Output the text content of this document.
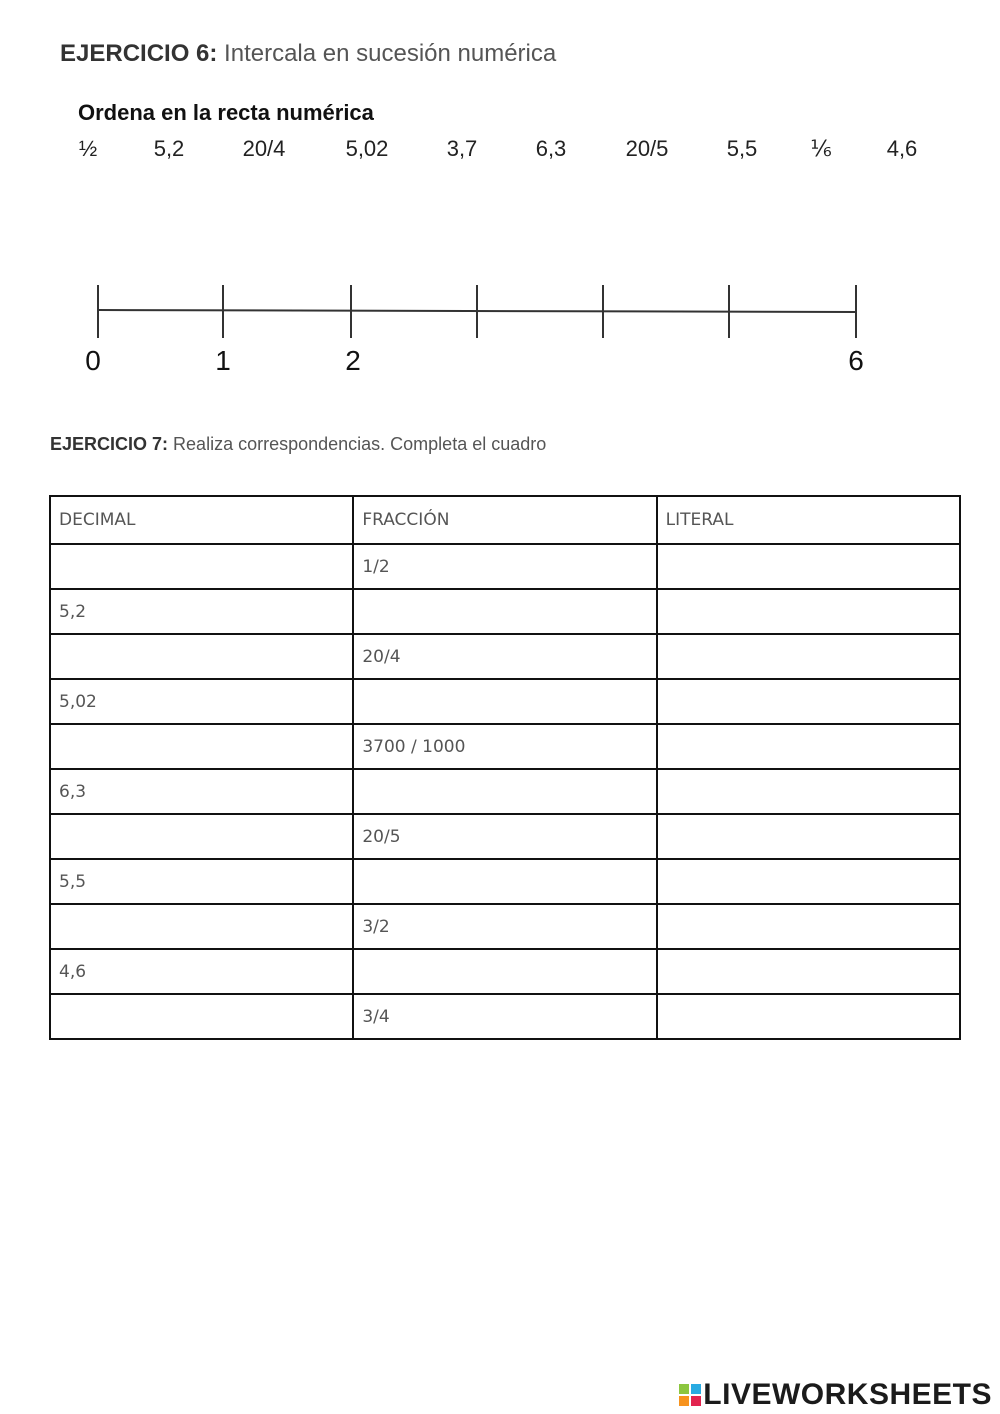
EJERCICIO 6: Intercala en sucesión numérica
Ordena en la recta numérica
½	5,2	20/4	5,02	3,7	6,3	20/5	5,5 ⅙	4,6
0	1	2	6
EJERCICIO 7: Realiza correspondencias. Completa el cuadro
DECIMAL	FRACCIÓN	LITERAL
	1/2	
5,2		
	20/4	
5,02		
	3700 / 1000	
6,3		
	20/5	
5,5		
	3/2	
4,6		
	3/4	
LIVEWORKSHEETS
